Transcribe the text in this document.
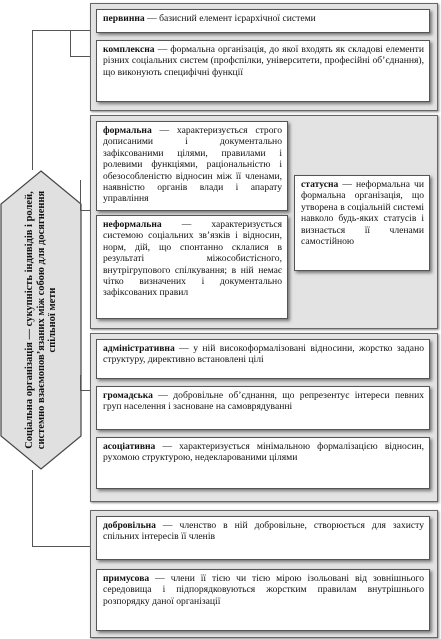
Соціальна організація — сукупність індивідів і ролей, системно взаємопов’язаних між собою для досягнення спільної мети
первинна — базисний елемент ієрархічної системи
комплексна — формальна організація, до якої входять як складові елементи різних соціальних систем (профспілки, університети, професійні об’єднання), що виконують специфічні функції
формальна — характеризується строго дописаними і документально зафіксованими цілями, правилами і ролевими функціями, раціональністю і обезособленістю відносин між її членами, наявністю органів влади і апарату управління
неформальна — характеризується системою соціальних зв’язків і відносин, норм, дій, що спонтанно склалися в результаті міжособистісного, внутрігрупового спілкування; в ній немає чітко визначених і документально зафіксованих правил
статусна — неформальна чи формальна організація, що утворена в соціальній системі навколо будь-яких статусів і визнається її членами самостійною
адміністративна — у ній високоформалізовані відносини, жорстко задано структуру, директивно встановлені цілі
громадська — добровільне об’єднання, що репрезентує інтереси певних груп населення і засноване на самоврядуванні
асоціативна — характеризується мінімальною формалізацією відносин, рухомою структурою, недекларованими цілями
добровільна — членство в ній добровільне, створюється для захисту спільних інтересів її членів
примусова — члени її тією чи тією мірою ізольовані від зовнішнього середовища і підпорядковуються жорстким правилам внутрішнього розпорядку даної організації
